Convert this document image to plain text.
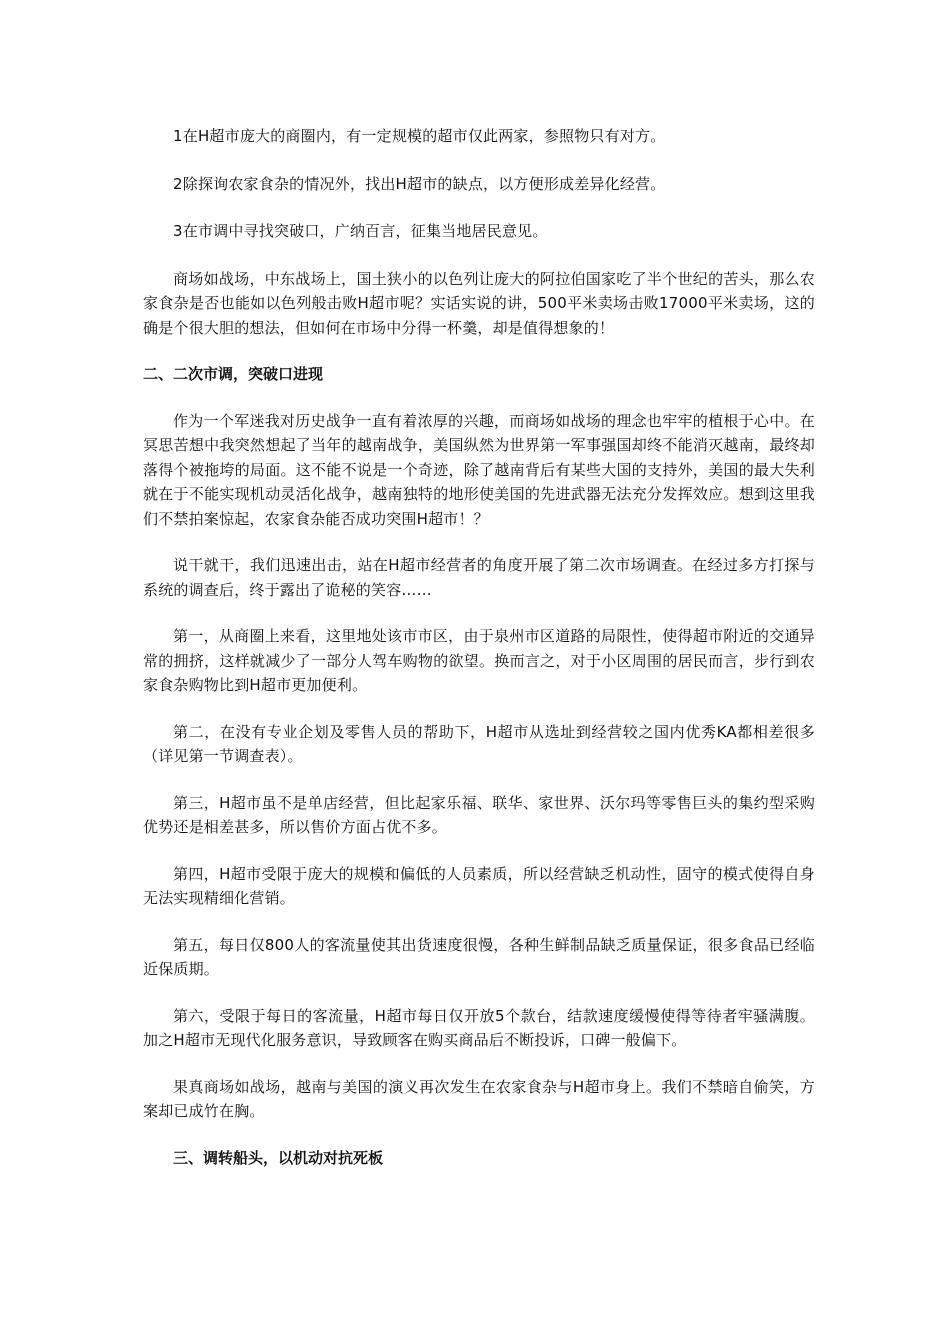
1在H超市庞大的商圈内，有一定规模的超市仅此两家，参照物只有对方。

2除探询农家食杂的情况外，找出H超市的缺点，以方便形成差异化经营。

3在市调中寻找突破口，广纳百言，征集当地居民意见。

商场如战场，中东战场上，国土狭小的以色列让庞大的阿拉伯国家吃了半个世纪的苦头，那么农家食杂是否也能如以色列般击败H超市呢？实话实说的讲，500平米卖场击败17000平米卖场，这的确是个很大胆的想法，但如何在市场中分得一杯羹，却是值得想象的！

二、二次市调，突破口进现

作为一个军迷我对历史战争一直有着浓厚的兴趣，而商场如战场的理念也牢牢的植根于心中。在冥思苦想中我突然想起了当年的越南战争，美国纵然为世界第一军事强国却终不能消灭越南，最终却落得个被拖垮的局面。这不能不说是一个奇迹，除了越南背后有某些大国的支持外，美国的最大失利就在于不能实现机动灵活化战争，越南独特的地形使美国的先进武器无法充分发挥效应。想到这里我们不禁拍案惊起，农家食杂能否成功突围H超市！？

说干就干，我们迅速出击，站在H超市经营者的角度开展了第二次市场调查。在经过多方打探与系统的调查后，终于露出了诡秘的笑容……

第一，从商圈上来看，这里地处该市市区，由于泉州市区道路的局限性，使得超市附近的交通异常的拥挤，这样就减少了一部分人驾车购物的欲望。换而言之，对于小区周围的居民而言，步行到农家食杂购物比到H超市更加便利。

第二，在没有专业企划及零售人员的帮助下，H超市从选址到经营较之国内优秀KA都相差很多（详见第一节调查表）。

第三，H超市虽不是单店经营，但比起家乐福、联华、家世界、沃尔玛等零售巨头的集约型采购优势还是相差甚多，所以售价方面占优不多。

第四，H超市受限于庞大的规模和偏低的人员素质，所以经营缺乏机动性，固守的模式使得自身无法实现精细化营销。

第五，每日仅800人的客流量使其出货速度很慢，各种生鲜制品缺乏质量保证，很多食品已经临近保质期。

第六，受限于每日的客流量，H超市每日仅开放5个款台，结款速度缓慢使得等待者牢骚满腹。加之H超市无现代化服务意识，导致顾客在购买商品后不断投诉，口碑一般偏下。

果真商场如战场，越南与美国的演义再次发生在农家食杂与H超市身上。我们不禁暗自偷笑，方案却已成竹在胸。

三、调转船头，以机动对抗死板
